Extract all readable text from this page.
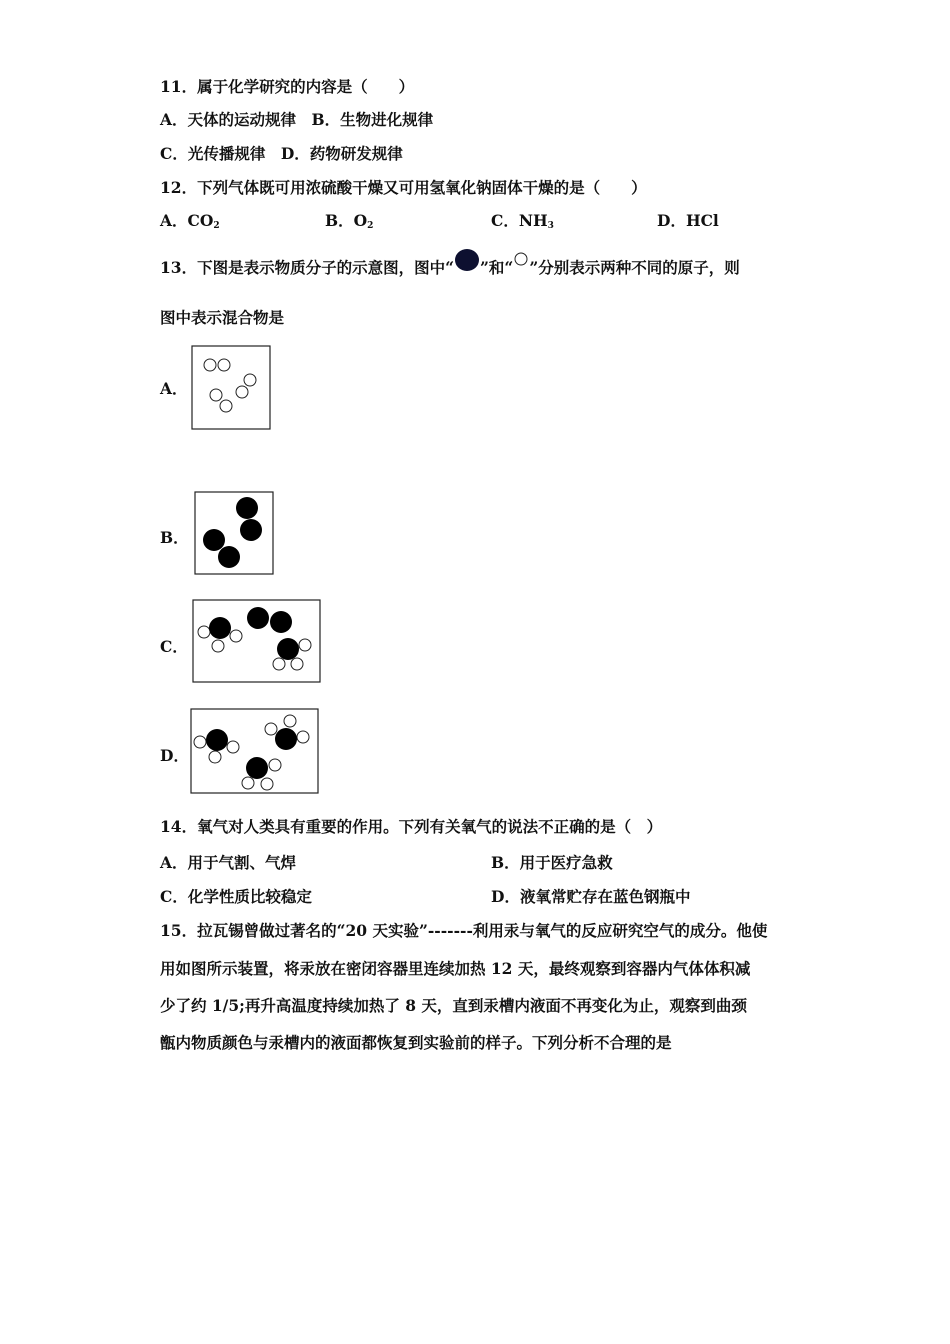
11．属于化学研究的内容是（　　）
A．天体的运动规律　 B．生物进化规律
C．光传播规律　 D．药物研发规律
12．下列气体既可用浓硫酸干燥又可用氢氧化钠固体干燥的是（　　）
A．$CO_2$	B．$O_2$	C．$NH_3$	D．HCl
13．下图是表示物质分子的示意图，图中“ ”和“ ”分别表示两种不同的原子，则
图中表示混合物是
A．
B．
C．
D．
14．氧气对人类具有重要的作用。下列有关氧气的说法不正确的是（　）
A．用于气割、气焊	B．用于医疗急救
C．化学性质比较稳定	D．液氧常贮存在蓝色钢瓶中
15．拉瓦锡曾做过著名的“20 天实验”-------利用汞与氧气的反应研究空气的成分。他使
用如图所示装置，将汞放在密闭容器里连续加热 12 天，最终观察到容器内气体体积减
少了约 1/5;再升高温度持续加热了 8 天，直到汞槽内液面不再变化为止，观察到曲颈
甑内物质颜色与汞槽内的液面都恢复到实验前的样子。下列分析不合理的是
